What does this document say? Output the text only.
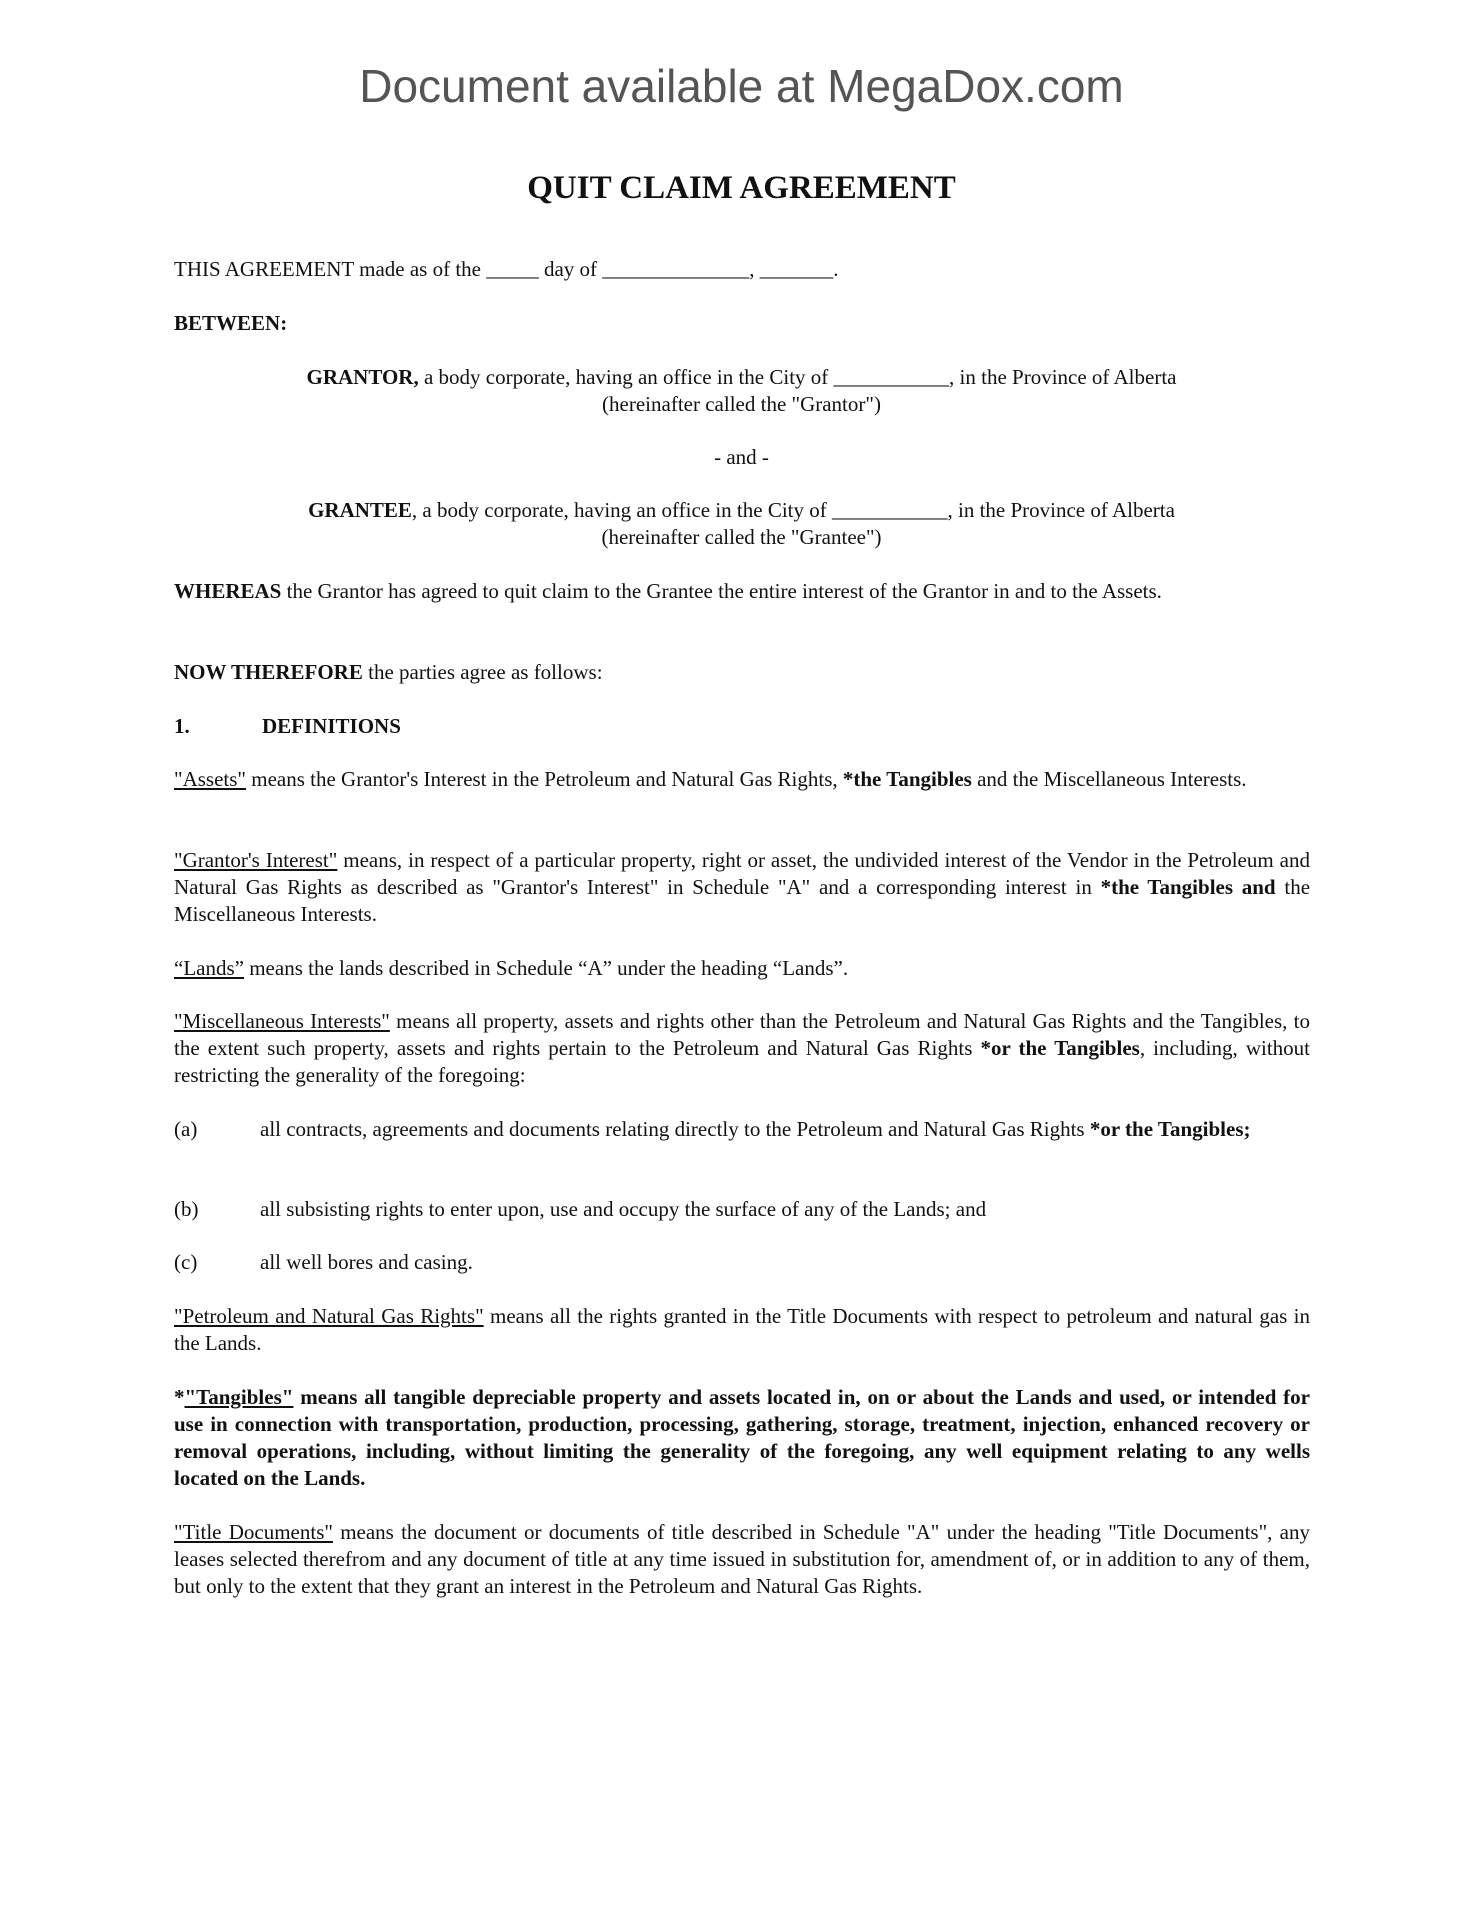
Document available at MegaDox.com

QUIT CLAIM AGREEMENT

THIS AGREEMENT made as of the _____ day of ______________, _______.

BETWEEN:

GRANTOR, a body corporate, having an office in the City of ___________, in the Province of Alberta

(hereinafter called the "Grantor")

- and -

GRANTEE, a body corporate, having an office in the City of ___________, in the Province of Alberta

(hereinafter called the "Grantee")

WHEREAS the Grantor has agreed to quit claim to the Grantee the entire interest of the Grantor in and to the Assets.

NOW THEREFORE the parties agree as follows:

1.	DEFINITIONS

"Assets" means the Grantor's Interest in the Petroleum and Natural Gas Rights, *the Tangibles and the Miscellaneous Interests.

"Grantor's Interest" means, in respect of a particular property, right or asset, the undivided interest of the Vendor in the Petroleum and Natural Gas Rights as described as "Grantor's Interest" in Schedule "A" and a corresponding interest in *the Tangibles and the Miscellaneous Interests.

“Lands” means the lands described in Schedule “A” under the heading “Lands”.

"Miscellaneous Interests" means all property, assets and rights other than the Petroleum and Natural Gas Rights and the Tangibles, to the extent such property, assets and rights pertain to the Petroleum and Natural Gas Rights *or the Tangibles, including, without restricting the generality of the foregoing:

(a)	all contracts, agreements and documents relating directly to the Petroleum and Natural Gas Rights *or the Tangibles;

(b)	all subsisting rights to enter upon, use and occupy the surface of any of the Lands; and

(c)	all well bores and casing.

"Petroleum and Natural Gas Rights" means all the rights granted in the Title Documents with respect to petroleum and natural gas in the Lands.

*"Tangibles" means all tangible depreciable property and assets located in, on or about the Lands and used, or intended for use in connection with transportation, production, processing, gathering, storage, treatment, injection, enhanced recovery or removal operations, including, without limiting the generality of the foregoing, any well equipment relating to any wells located on the Lands.

"Title Documents" means the document or documents of title described in Schedule "A" under the heading "Title Documents", any leases selected therefrom and any document of title at any time issued in substitution for, amendment of, or in addition to any of them, but only to the extent that they grant an interest in the Petroleum and Natural Gas Rights.
